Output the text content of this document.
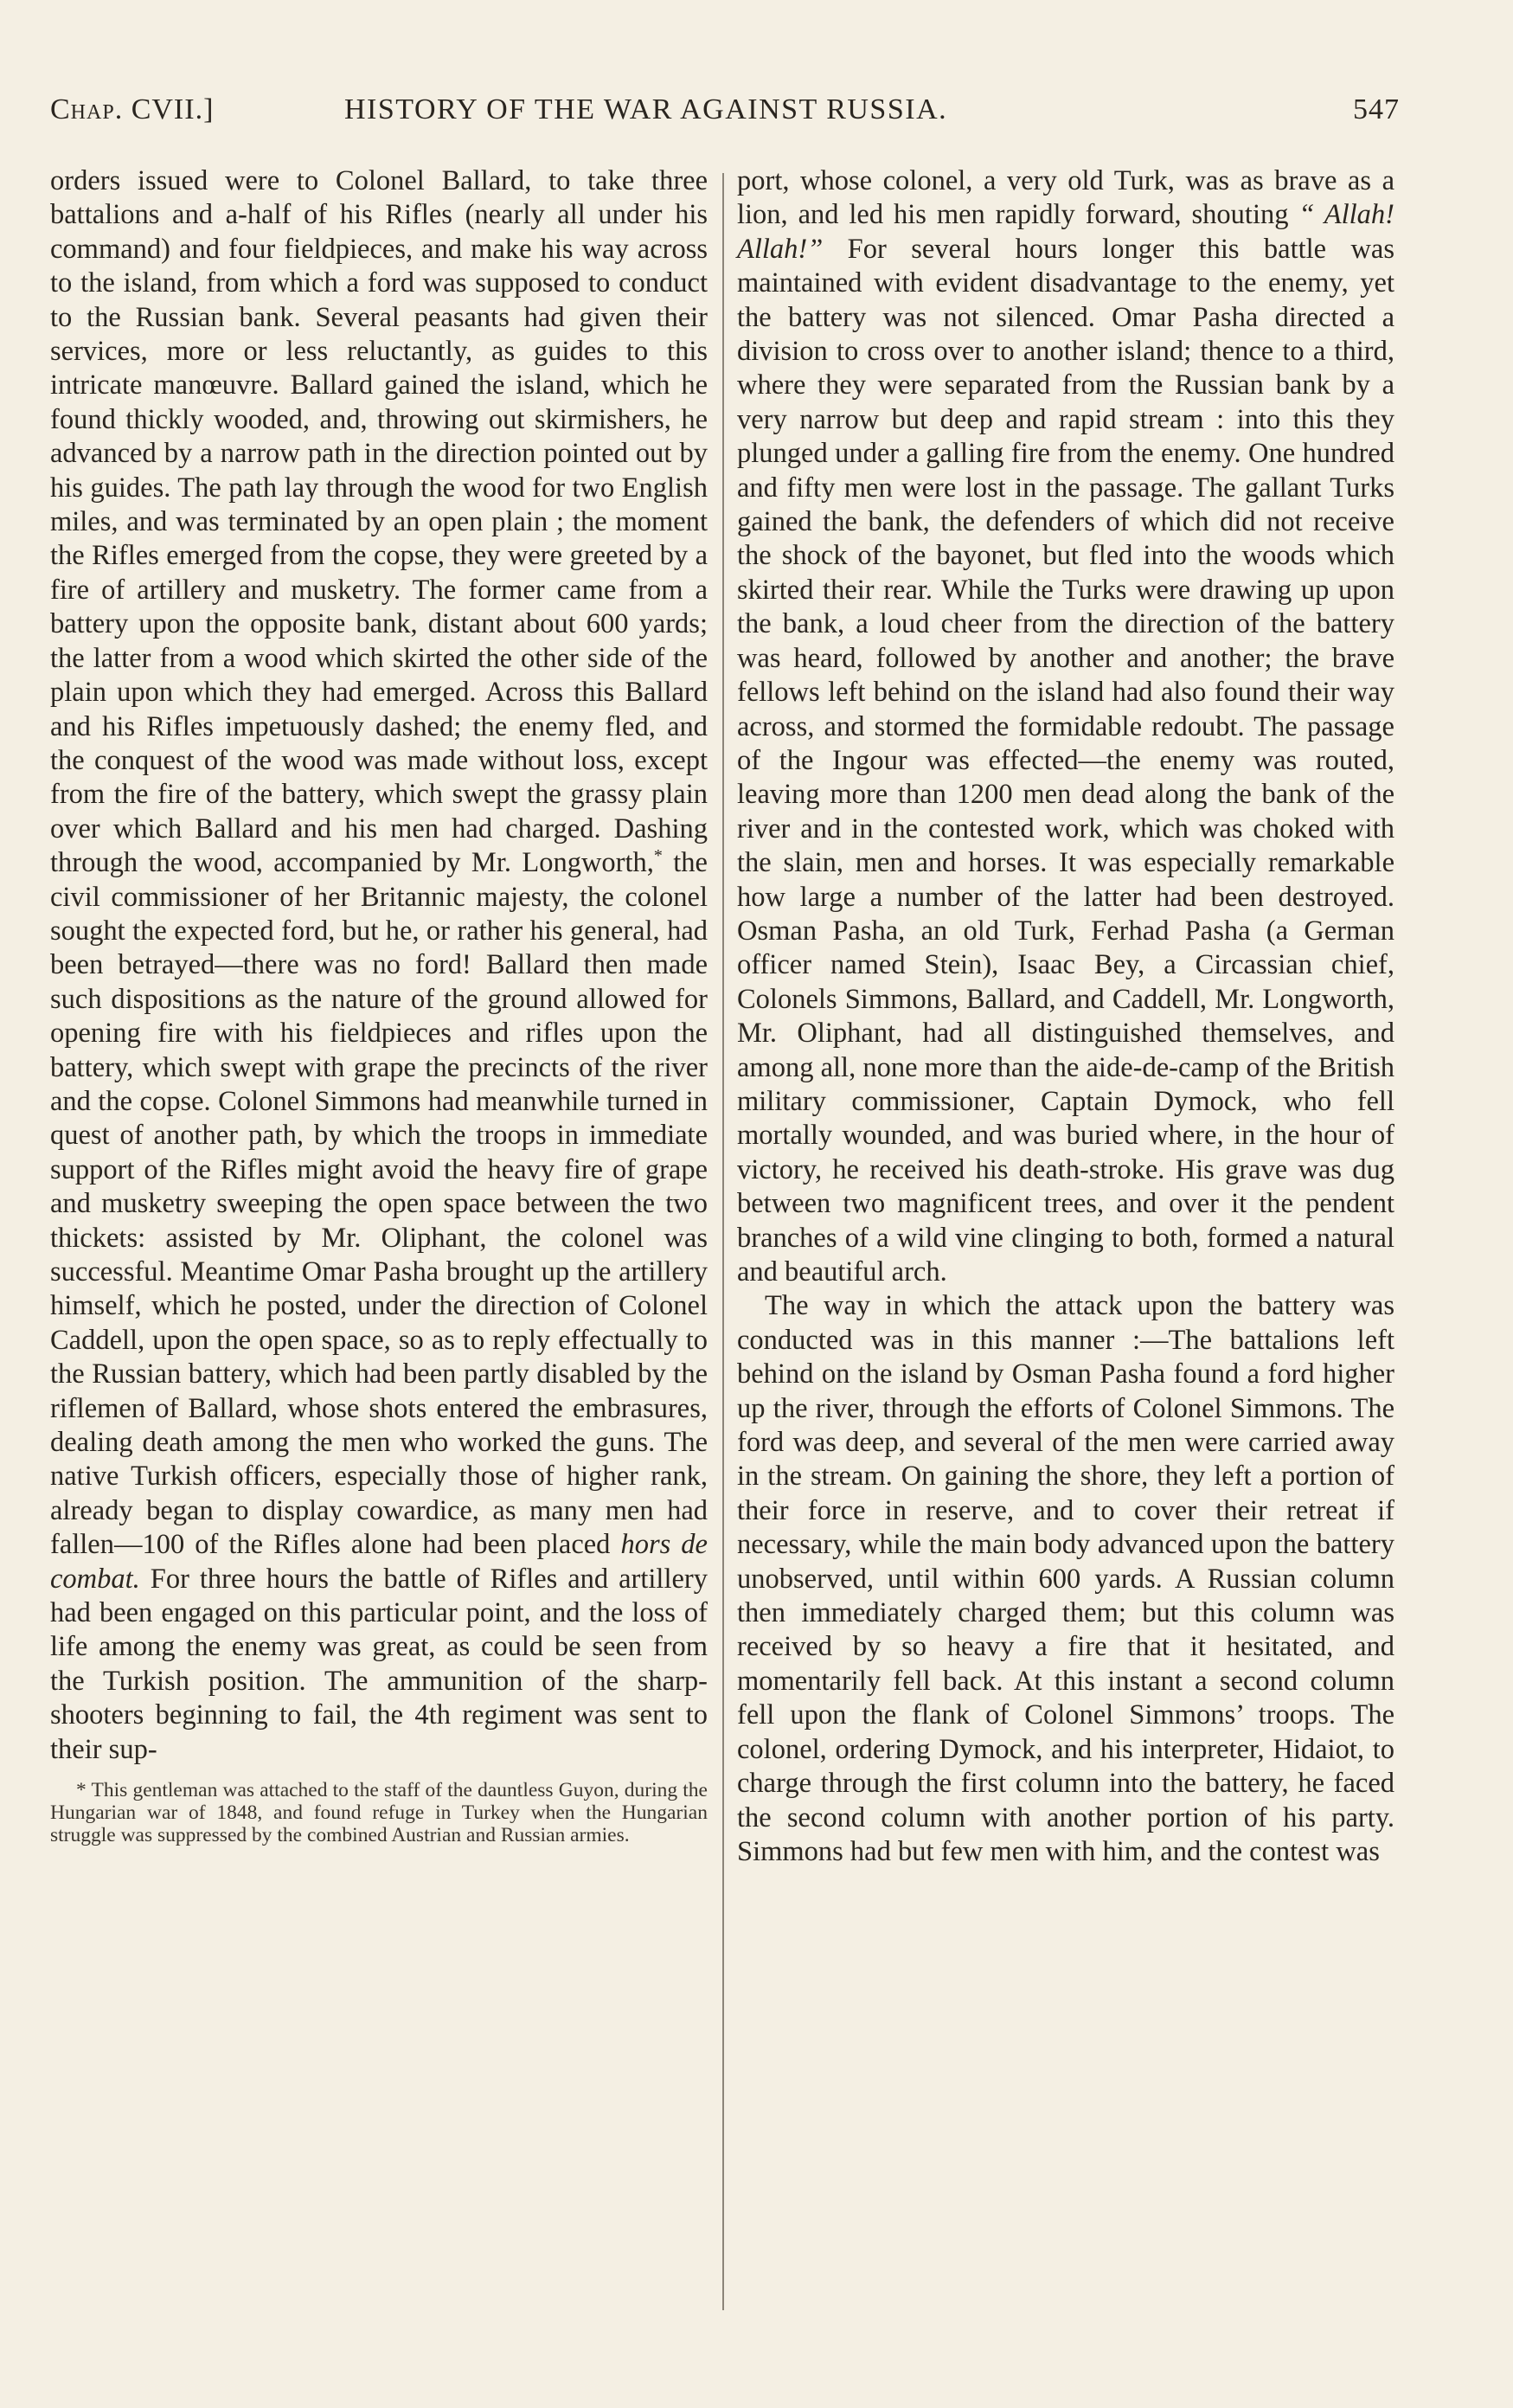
Chap. CVII.]	HISTORY OF THE WAR AGAINST RUSSIA.	547

orders issued were to Colonel Ballard, to take three battalions and a-half of his Rifles (nearly all under his command) and four fieldpieces, and make his way across to the island, from which a ford was supposed to conduct to the Russian bank. Several peasants had given their services, more or less reluctantly, as guides to this intricate manœuvre. Ballard gained the island, which he found thickly wooded, and, throwing out skirmishers, he advanced by a narrow path in the direction pointed out by his guides. The path lay through the wood for two English miles, and was terminated by an open plain ; the moment the Rifles emerged from the copse, they were greeted by a fire of artillery and musketry. The former came from a battery upon the opposite bank, distant about 600 yards; the latter from a wood which skirted the other side of the plain upon which they had emerged. Across this Ballard and his Rifles impetuously dashed; the enemy fled, and the conquest of the wood was made without loss, except from the fire of the battery, which swept the grassy plain over which Ballard and his men had charged. Dashing through the wood, accompanied by Mr. Longworth,* the civil commissioner of her Britannic majesty, the colonel sought the expected ford, but he, or rather his general, had been betrayed—there was no ford! Ballard then made such dispositions as the nature of the ground allowed for opening fire with his fieldpieces and rifles upon the battery, which swept with grape the precincts of the river and the copse. Colonel Simmons had meanwhile turned in quest of another path, by which the troops in immediate support of the Rifles might avoid the heavy fire of grape and musketry sweeping the open space between the two thickets: assisted by Mr. Oliphant, the colonel was successful. Meantime Omar Pasha brought up the artillery himself, which he posted, under the direction of Colonel Caddell, upon the open space, so as to reply effectually to the Russian battery, which had been partly disabled by the riflemen of Ballard, whose shots entered the embrasures, dealing death among the men who worked the guns. The native Turkish officers, especially those of higher rank, already began to display cowardice, as many men had fallen—100 of the Rifles alone had been placed hors de combat. For three hours the battle of Rifles and artillery had been engaged on this particular point, and the loss of life among the enemy was great, as could be seen from the Turkish position. The ammunition of the sharp-shooters beginning to fail, the 4th regiment was sent to their sup-

* This gentleman was attached to the staff of the dauntless Guyon, during the Hungarian war of 1848, and found refuge in Turkey when the Hungarian struggle was suppressed by the combined Austrian and Russian armies.

port, whose colonel, a very old Turk, was as brave as a lion, and led his men rapidly forward, shouting “ Allah! Allah!” For several hours longer this battle was maintained with evident disadvantage to the enemy, yet the battery was not silenced. Omar Pasha directed a division to cross over to another island; thence to a third, where they were separated from the Russian bank by a very narrow but deep and rapid stream : into this they plunged under a galling fire from the enemy. One hundred and fifty men were lost in the passage. The gallant Turks gained the bank, the defenders of which did not receive the shock of the bayonet, but fled into the woods which skirted their rear. While the Turks were drawing up upon the bank, a loud cheer from the direction of the battery was heard, followed by another and another; the brave fellows left behind on the island had also found their way across, and stormed the formidable redoubt. The passage of the Ingour was effected—the enemy was routed, leaving more than 1200 men dead along the bank of the river and in the contested work, which was choked with the slain, men and horses. It was especially remarkable how large a number of the latter had been destroyed. Osman Pasha, an old Turk, Ferhad Pasha (a German officer named Stein), Isaac Bey, a Circassian chief, Colonels Simmons, Ballard, and Caddell, Mr. Longworth, Mr. Oliphant, had all distinguished themselves, and among all, none more than the aide-de-camp of the British military commissioner, Captain Dymock, who fell mortally wounded, and was buried where, in the hour of victory, he received his death-stroke. His grave was dug between two magnificent trees, and over it the pendent branches of a wild vine clinging to both, formed a natural and beautiful arch.

The way in which the attack upon the battery was conducted was in this manner :—The battalions left behind on the island by Osman Pasha found a ford higher up the river, through the efforts of Colonel Simmons. The ford was deep, and several of the men were carried away in the stream. On gaining the shore, they left a portion of their force in reserve, and to cover their retreat if necessary, while the main body advanced upon the battery unobserved, until within 600 yards. A Russian column then immediately charged them; but this column was received by so heavy a fire that it hesitated, and momentarily fell back. At this instant a second column fell upon the flank of Colonel Simmons’ troops. The colonel, ordering Dymock, and his interpreter, Hidaiot, to charge through the first column into the battery, he faced the second column with another portion of his party. Simmons had but few men with him, and the contest was
